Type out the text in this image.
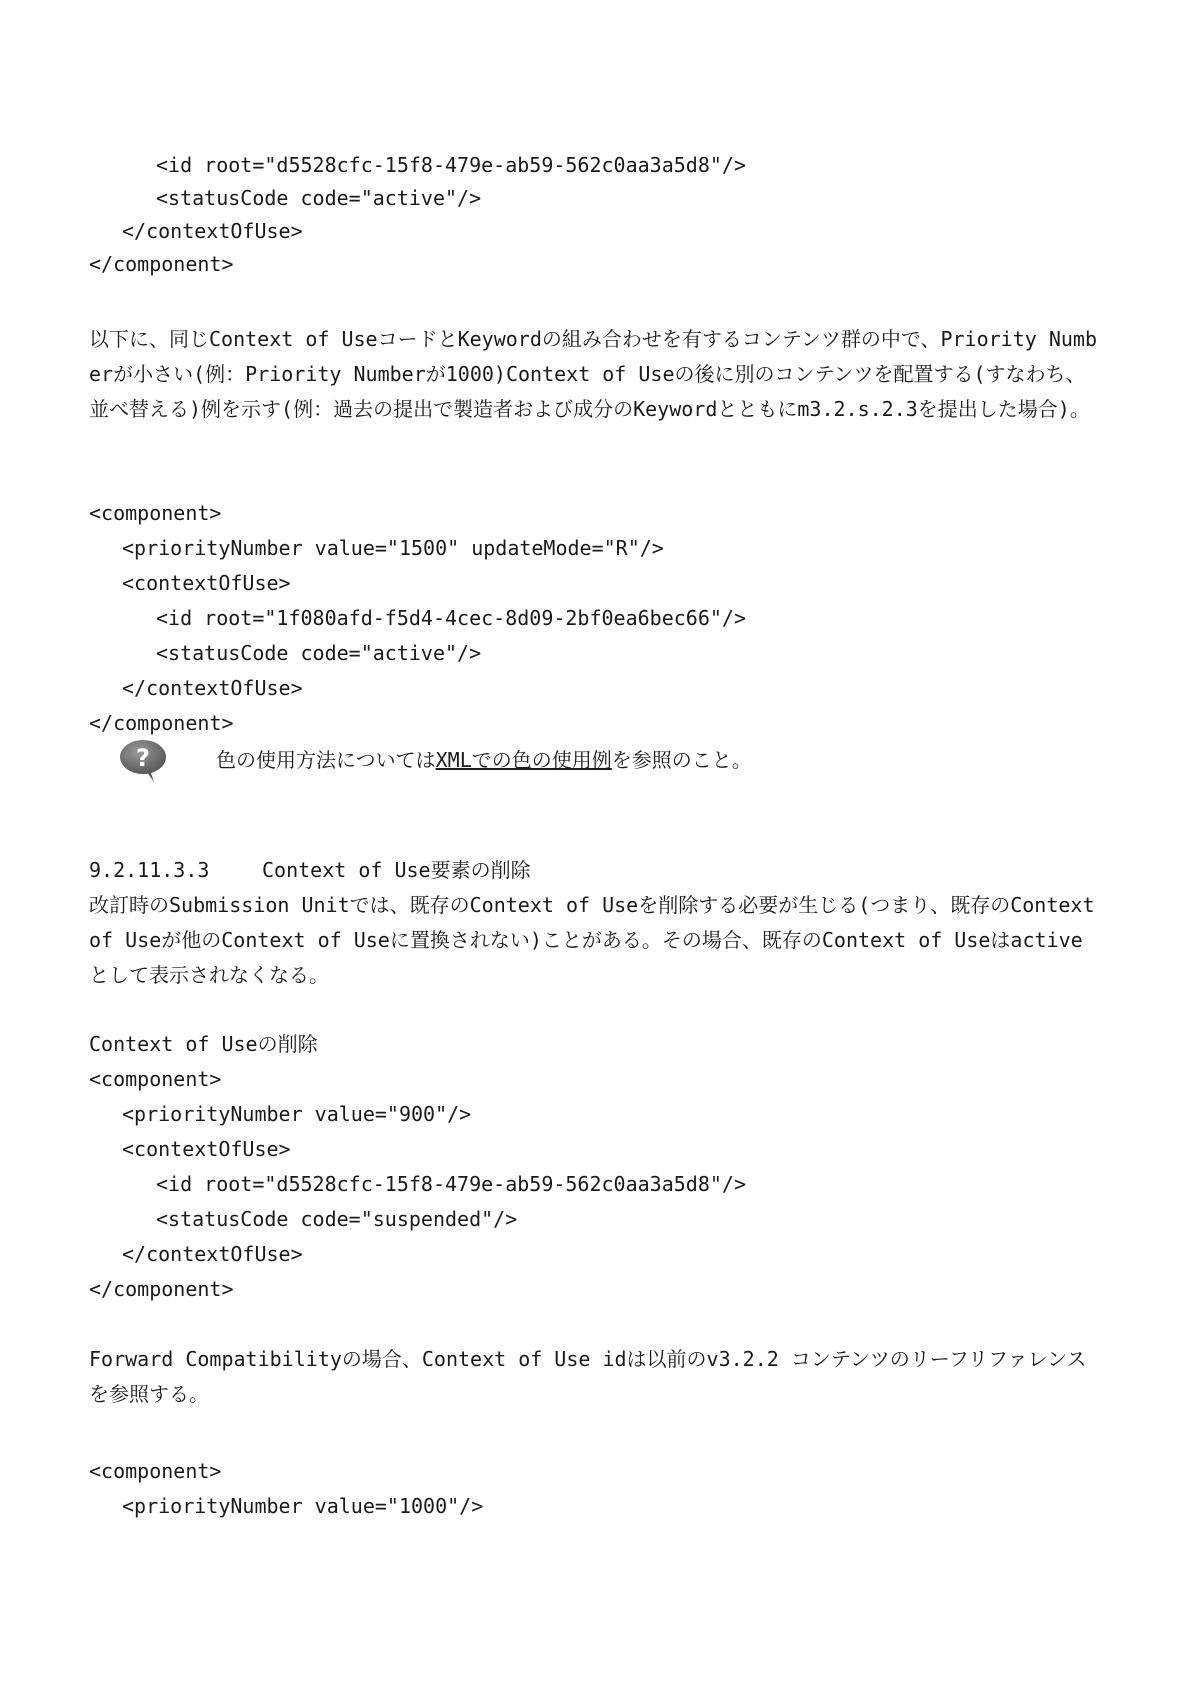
<id root="d5528cfc-15f8-479e-ab59-562c0aa3a5d8"/>
<statusCode code="active"/>
</contextOfUse>
</component>
以下に、同じContext of UseコードとKeywordの組み合わせを有するコンテンツ群の中で、Priority Numberが小さい(例：Priority Numberが1000)Context of Useの後に別のコンテンツを配置する(すなわち、並べ替える)例を示す(例：過去の提出で製造者および成分のKeywordとともにm3.2.s.2.3を提出した場合)。
<component>
<priorityNumber value="1500" updateMode="R"/>
<contextOfUse>
<id root="1f080afd-f5d4-4cec-8d09-2bf0ea6bec66"/>
<statusCode code="active"/>
</contextOfUse>
</component>
?	色の使用方法についてはXMLでの色の使用例を参照のこと。
9.2.11.3.3	Context of Use要素の削除
改訂時のSubmission Unitでは、既存のContext of Useを削除する必要が生じる(つまり、既存のContext of Useが他のContext of Useに置換されない)ことがある。その場合、既存のContext of Useはactiveとして表示されなくなる。
Context of Useの削除
<component>
<priorityNumber value="900"/>
<contextOfUse>
<id root="d5528cfc-15f8-479e-ab59-562c0aa3a5d8"/>
<statusCode code="suspended"/>
</contextOfUse>
</component>
Forward Compatibilityの場合、Context of Use idは以前のv3.2.2 コンテンツのリーフリファレンスを参照する。
<component>
<priorityNumber value="1000"/>
